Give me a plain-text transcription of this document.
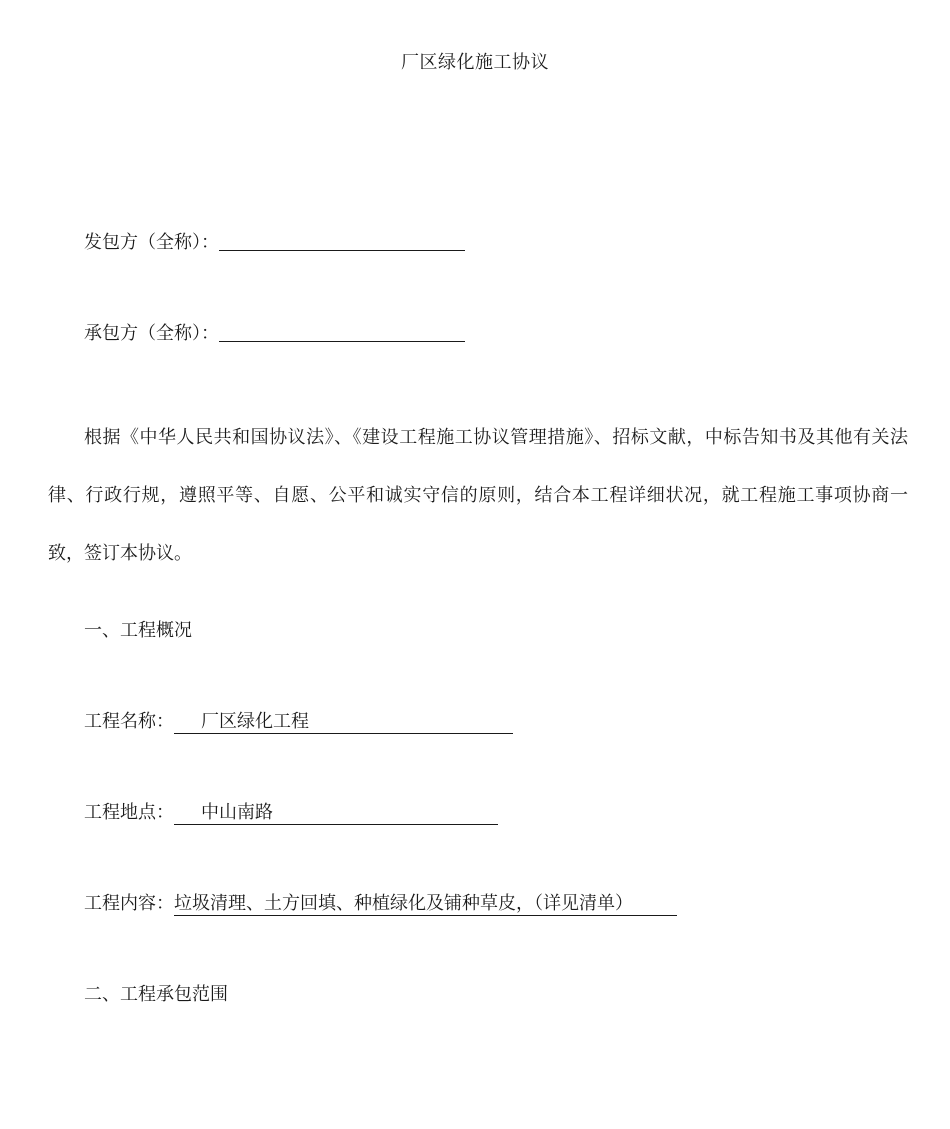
厂区绿化施工协议
发包方（全称）：
承包方（全称）：
根据《中华人民共和国协议法》、《建设工程施工协议管理措施》、招标文献，中标告知书及其他有关法律、行政行规，遵照平等、自愿、公平和诚实守信的原则，结合本工程详细状况，就工程施工事项协商一致，签订本协议。
一、工程概况
工程名称： 厂区绿化工程
工程地点： 中山南路
工程内容：垃圾清理、土方回填、种植绿化及铺种草皮，（详见清单）
二、工程承包范围
